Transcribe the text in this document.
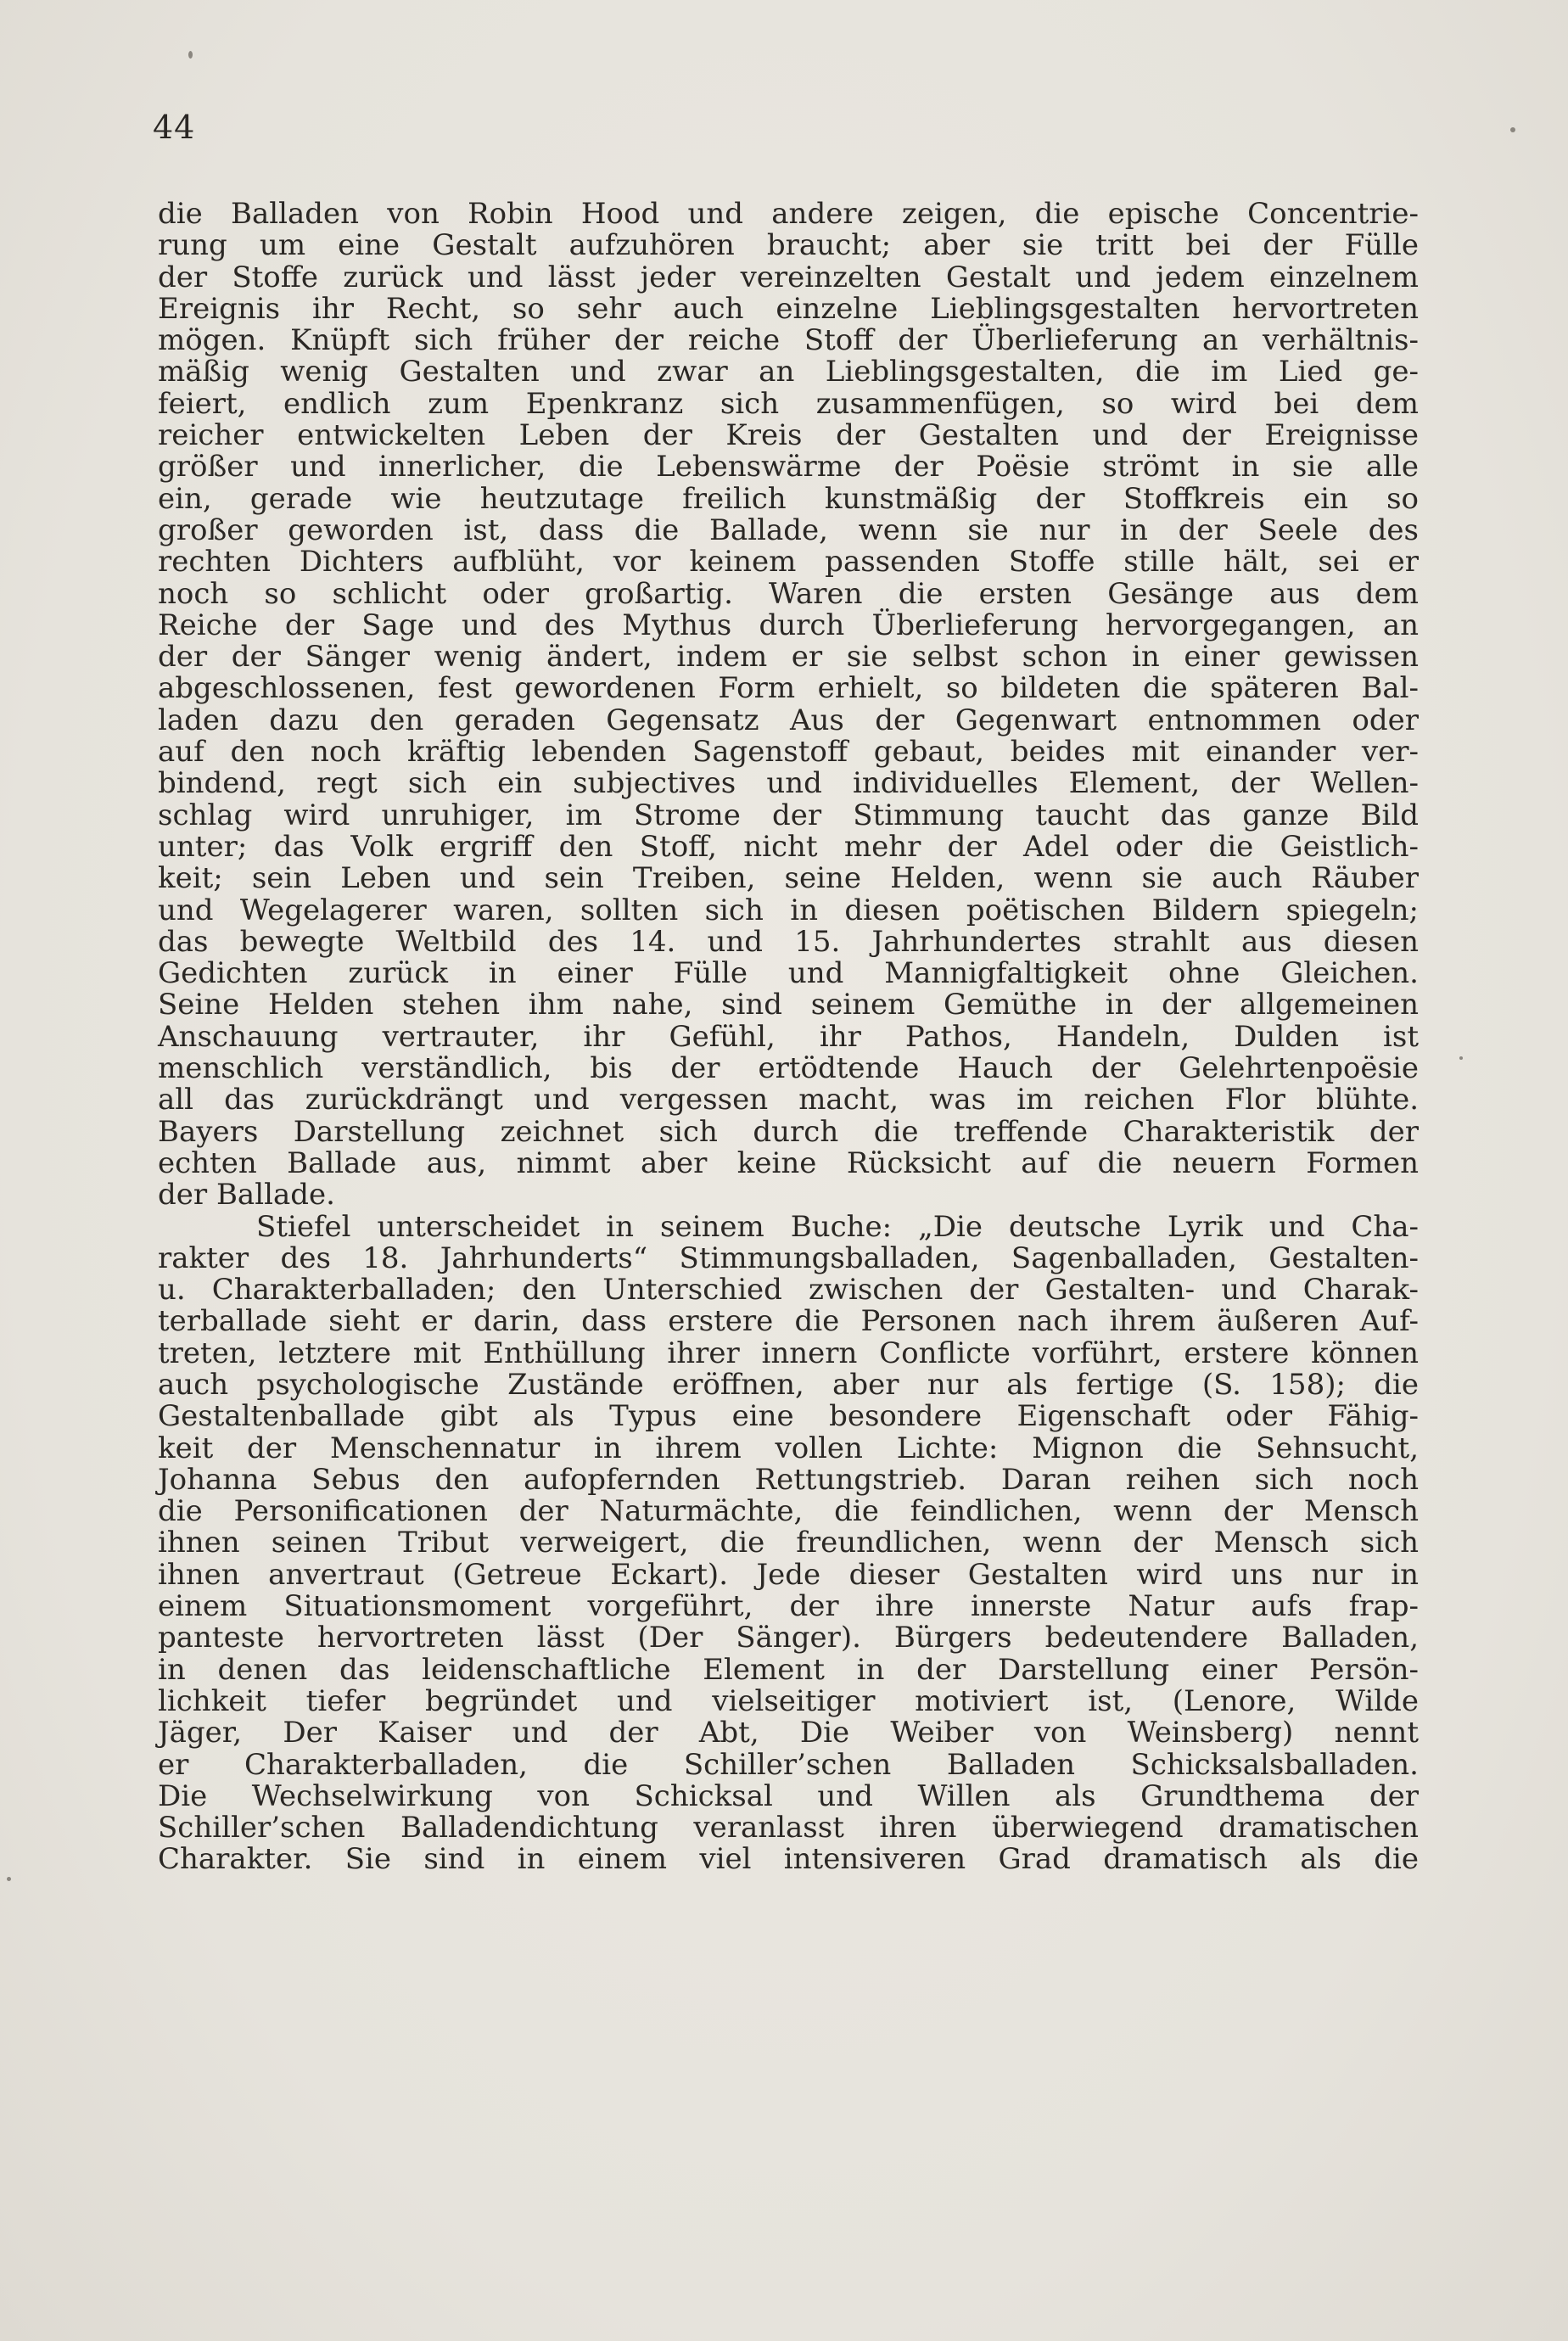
44
die Balladen von Robin Hood und andere zeigen, die epische Concentrie-
rung um eine Gestalt aufzuhören braucht; aber sie tritt bei der Fülle
der Stoffe zurück und lässt jeder vereinzelten Gestalt und jedem einzelnem
Ereignis ihr Recht, so sehr auch einzelne Lieblingsgestalten hervortreten
mögen. Knüpft sich früher der reiche Stoff der Überlieferung an verhältnis-
mäßig wenig Gestalten und zwar an Lieblingsgestalten, die im Lied ge-
feiert, endlich zum Epenkranz sich zusammenfügen, so wird bei dem
reicher entwickelten Leben der Kreis der Gestalten und der Ereignisse
größer und innerlicher, die Lebenswärme der Poësie strömt in sie alle
ein, gerade wie heutzutage freilich kunstmäßig der Stoffkreis ein so
großer geworden ist, dass die Ballade, wenn sie nur in der Seele des
rechten Dichters aufblüht, vor keinem passenden Stoffe stille hält, sei er
noch so schlicht oder großartig. Waren die ersten Gesänge aus dem
Reiche der Sage und des Mythus durch Überlieferung hervorgegangen, an
der der Sänger wenig ändert, indem er sie selbst schon in einer gewissen
abgeschlossenen, fest gewordenen Form erhielt, so bildeten die späteren Bal-
laden dazu den geraden Gegensatz Aus der Gegenwart entnommen oder
auf den noch kräftig lebenden Sagenstoff gebaut, beides mit einander ver-
bindend, regt sich ein subjectives und individuelles Element, der Wellen-
schlag wird unruhiger, im Strome der Stimmung taucht das ganze Bild
unter; das Volk ergriff den Stoff, nicht mehr der Adel oder die Geistlich-
keit; sein Leben und sein Treiben, seine Helden, wenn sie auch Räuber
und Wegelagerer waren, sollten sich in diesen poëtischen Bildern spiegeln;
das bewegte Weltbild des 14. und 15. Jahrhundertes strahlt aus diesen
Gedichten zurück in einer Fülle und Mannigfaltigkeit ohne Gleichen.
Seine Helden stehen ihm nahe, sind seinem Gemüthe in der allgemeinen
Anschauung vertrauter, ihr Gefühl, ihr Pathos, Handeln, Dulden ist
menschlich verständlich, bis der ertödtende Hauch der Gelehrtenpoësie
all das zurückdrängt und vergessen macht, was im reichen Flor blühte.
Bayers Darstellung zeichnet sich durch die treffende Charakteristik der
echten Ballade aus, nimmt aber keine Rücksicht auf die neuern Formen
der Ballade.
Stiefel unterscheidet in seinem Buche: „Die deutsche Lyrik und Cha-
rakter des 18. Jahrhunderts“ Stimmungsballaden, Sagenballaden, Gestalten-
u. Charakterballaden; den Unterschied zwischen der Gestalten- und Charak-
terballade sieht er darin, dass erstere die Personen nach ihrem äußeren Auf-
treten, letztere mit Enthüllung ihrer innern Conflicte vorführt, erstere können
auch psychologische Zustände eröffnen, aber nur als fertige (S. 158); die
Gestaltenballade gibt als Typus eine besondere Eigenschaft oder Fähig-
keit der Menschennatur in ihrem vollen Lichte: Mignon die Sehnsucht,
Johanna Sebus den aufopfernden Rettungstrieb. Daran reihen sich noch
die Personificationen der Naturmächte, die feindlichen, wenn der Mensch
ihnen seinen Tribut verweigert, die freundlichen, wenn der Mensch sich
ihnen anvertraut (Getreue Eckart). Jede dieser Gestalten wird uns nur in
einem Situationsmoment vorgeführt, der ihre innerste Natur aufs frap-
panteste hervortreten lässt (Der Sänger). Bürgers bedeutendere Balladen,
in denen das leidenschaftliche Element in der Darstellung einer Persön-
lichkeit tiefer begründet und vielseitiger motiviert ist, (Lenore, Wilde
Jäger, Der Kaiser und der Abt, Die Weiber von Weinsberg) nennt
er Charakterballaden, die Schiller’schen Balladen Schicksalsballaden.
Die Wechselwirkung von Schicksal und Willen als Grundthema der
Schiller’schen Balladendichtung veranlasst ihren überwiegend dramatischen
Charakter. Sie sind in einem viel intensiveren Grad dramatisch als die
